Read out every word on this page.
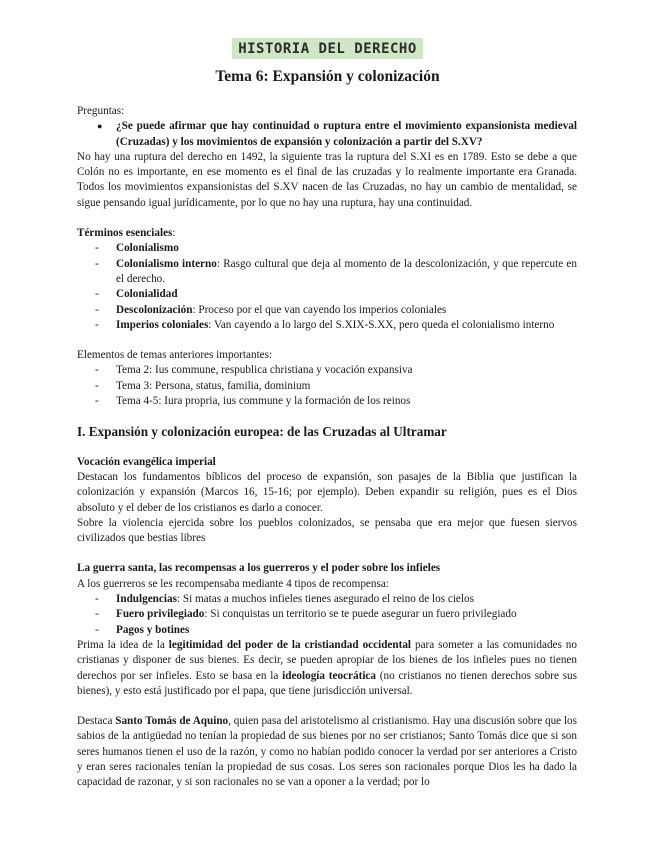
HISTORIA DEL DERECHO
Tema 6: Expansión y colonización

Preguntas:

● ¿Se puede afirmar que hay continuidad o ruptura entre el movimiento expansionista medieval (Cruzadas) y los movimientos de expansión y colonización a partir del S.XV?

No hay una ruptura del derecho en 1492, la siguiente tras la ruptura del S.XI es en 1789. Esto se debe a que Colón no es importante, en ese momento es el final de las cruzadas y lo realmente importante era Granada. Todos los movimientos expansionistas del S.XV nacen de las Cruzadas, no hay un cambio de mentalidad, se sigue pensando igual jurídicamente, por lo que no hay una ruptura, hay una continuidad.

Términos esenciales:

- Colonialismo
- Colonialismo interno: Rasgo cultural que deja al momento de la descolonización, y que repercute en el derecho.
- Colonialidad
- Descolonización: Proceso por el que van cayendo los imperios coloniales
- Imperios coloniales: Van cayendo a lo largo del S.XIX-S.XX, pero queda el colonialismo interno

Elementos de temas anteriores importantes:

- Tema 2: Ius commune, respublica christiana y vocación expansiva
- Tema 3: Persona, status, familia, dominium
- Tema 4-5: Iura propria, ius commune y la formación de los reinos

I. Expansión y colonización europea: de las Cruzadas al Ultramar

Vocación evangélica imperial

Destacan los fundamentos bíblicos del proceso de expansión, son pasajes de la Biblia que justifican la colonización y expansión (Marcos 16, 15-16; por ejemplo). Deben expandir su religión, pues es el Dios absoluto y el deber de los cristianos es darlo a conocer.

Sobre la violencia ejercida sobre los pueblos colonizados, se pensaba que era mejor que fuesen siervos civilizados que bestias libres

La guerra santa, las recompensas a los guerreros y el poder sobre los infieles

A los guerreros se les recompensaba mediante 4 tipos de recompensa:

- Indulgencias: Si matas a muchos infieles tienes asegurado el reino de los cielos
- Fuero privilegiado: Si conquistas un territorio se te puede asegurar un fuero privilegiado
- Pagos y botines

Prima la idea de la legitimidad del poder de la cristiandad occidental para someter a las comunidades no cristianas y disponer de sus bienes. Es decir, se pueden apropiar de los bienes de los infieles pues no tienen derechos por ser infieles. Esto se basa en la ideología teocrática (no cristianos no tienen derechos sobre sus bienes), y esto está justificado por el papa, que tiene jurisdicción universal.

Destaca Santo Tomás de Aquino, quien pasa del aristotelismo al cristianismo. Hay una discusión sobre que los sabios de la antigüedad no tenían la propiedad de sus bienes por no ser cristianos; Santo Tomás dice que si son seres humanos tienen el uso de la razón, y como no habían podido conocer la verdad por ser anteriores a Cristo y eran seres racionales tenían la propiedad de sus cosas. Los seres son racionales porque Dios les ha dado la capacidad de razonar, y si son racionales no se van a oponer a la verdad; por lo
